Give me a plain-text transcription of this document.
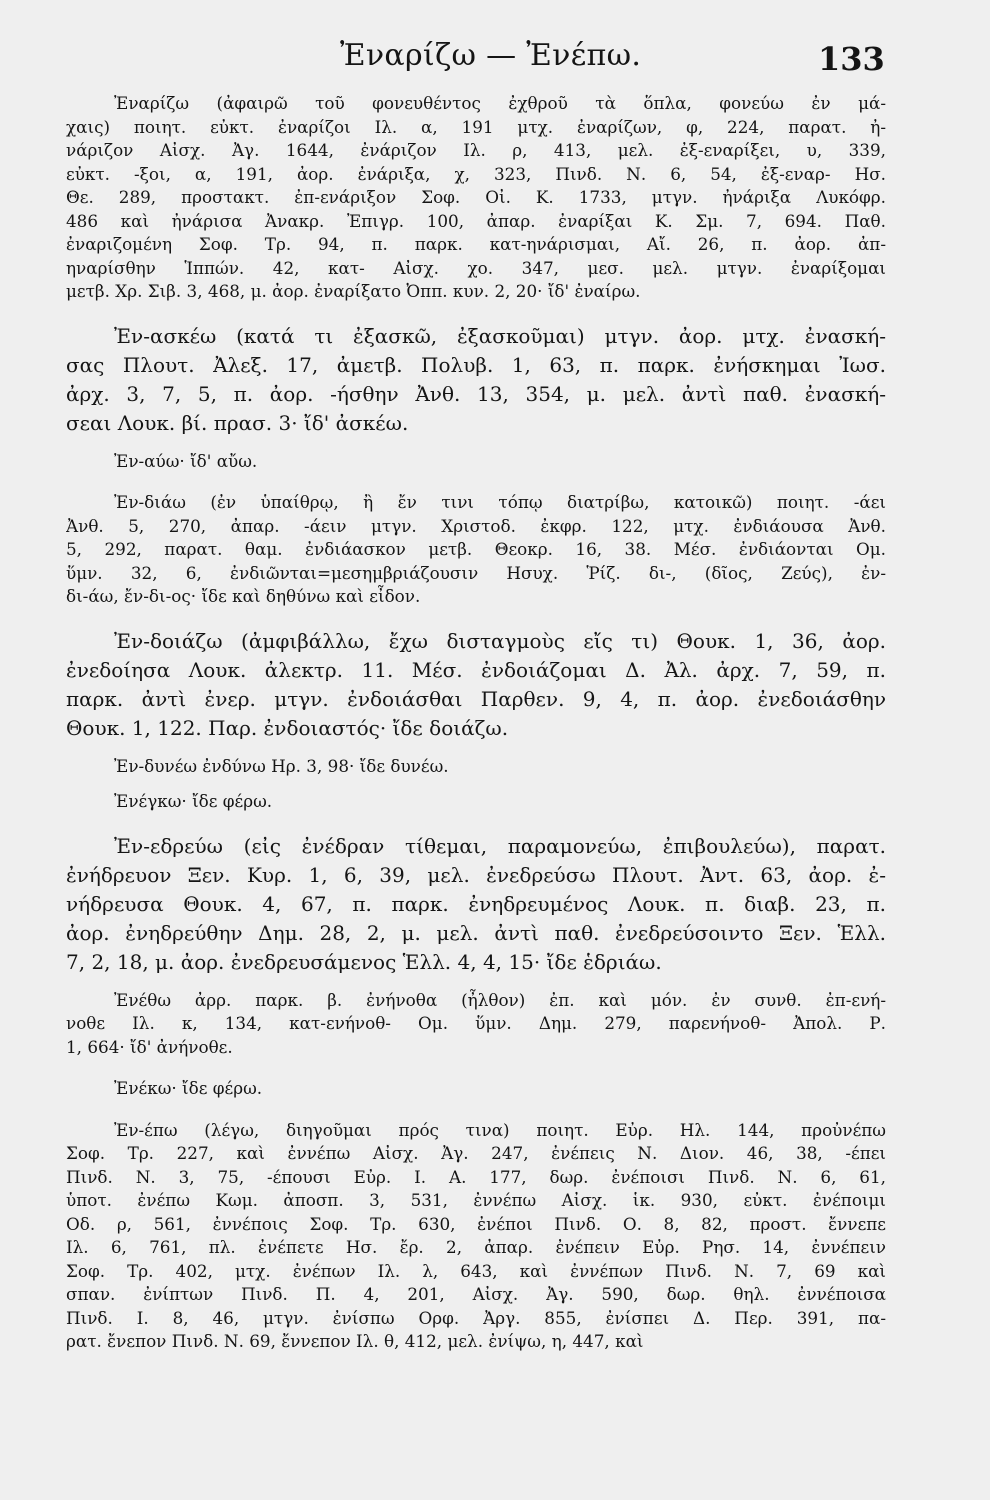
Ἐναρίζω — Ἐνέπω.	133
Ἐναρίζω (ἀφαιρῶ τοῦ φονευθέντος ἐχθροῦ τὰ ὅπλα, φονεύω ἐν μά-
χαις) ποιητ. εὐκτ. ἐναρίζοι Ιλ. α, 191 μτχ. ἐναρίζων, φ, 224, παρατ. ἠ-
νάριζον Αἰσχ. Ἀγ. 1644, ἐνάριζον Ιλ. ρ, 413, μελ. ἐξ-εναρίξει, υ, 339,
εὐκτ. -ξοι, α, 191, ἀορ. ἐνάριξα, χ, 323, Πινδ. Ν. 6, 54, ἐξ-εναρ- Ησ.
Θε. 289, προστακτ. ἐπ-ενάριξον Σοφ. Οἰ. Κ. 1733, μτγν. ἠνάριξα Λυκόφρ.
486 καὶ ἠνάρισα Ἀνακρ. Ἐπιγρ. 100, ἀπαρ. ἐναρίξαι Κ. Σμ. 7, 694. Παθ.
ἐναριζομένη Σοφ. Τρ. 94, π. παρκ. κατ-ηνάρισμαι, Αἴ. 26, π. ἀορ. ἀπ-
ηναρίσθην Ἱππών. 42, κατ- Αἰσχ. χο. 347, μεσ. μελ. μτγν. ἐναρίξομαι
μετβ. Χρ. Σιβ. 3, 468, μ. ἀορ. ἐναρίξατο Ὀππ. κυν. 2, 20· ἴδ' ἐναίρω.
Ἐν-ασκέω (κατά τι ἐξασκῶ, ἐξασκοῦμαι) μτγν. ἀορ. μτχ. ἐνασκή-
σας Πλουτ. Ἀλεξ. 17, ἀμετβ. Πολυβ. 1, 63, π. παρκ. ἐνήσκημαι Ἰωσ.
ἀρχ. 3, 7, 5, π. ἀορ. -ήσθην Ἀνθ. 13, 354, μ. μελ. ἀντὶ παθ. ἐνασκή-
σεαι Λουκ. βί. πρασ. 3· ἴδ' ἀσκέω.
Ἐν-αύω· ἴδ' αὔω.
Ἐν-διάω (ἐν ὑπαίθρῳ, ἢ ἔν τινι τόπῳ διατρίβω, κατοικῶ) ποιητ. -άει
Ἀνθ. 5, 270, ἀπαρ. -άειν μτγν. Χριστοδ. ἐκφρ. 122, μτχ. ἐνδιάουσα Ἀνθ.
5, 292, παρατ. θαμ. ἐνδιάασκον μετβ. Θεοκρ. 16, 38. Μέσ. ἐνδιάονται Ομ.
ὕμν. 32, 6, ἐνδιῶνται=μεσημβριάζουσιν Ησυχ. Ῥίζ. δι-, (δῖος, Ζεύς), ἐν-
δι-άω, ἔν-δι-ος· ἴδε καὶ δηθύνω καὶ εἶδον.
Ἐν-δοιάζω (ἀμφιβάλλω, ἔχω δισταγμοὺς εἴς τι) Θουκ. 1, 36, ἀορ.
ἐνεδοίησα Λουκ. ἀλεκτρ. 11. Μέσ. ἐνδοιάζομαι Δ. Ἀλ. ἀρχ. 7, 59, π.
παρκ. ἀντὶ ἐνερ. μτγν. ἐνδοιάσθαι Παρθεν. 9, 4, π. ἀορ. ἐνεδοιάσθην
Θουκ. 1, 122. Παρ. ἐνδοιαστός· ἴδε δοιάζω.
Ἐν-δυνέω ἐνδύνω Ηρ. 3, 98· ἴδε δυνέω.
Ἐνέγκω· ἴδε φέρω.
Ἐν-εδρεύω (εἰς ἐνέδραν τίθεμαι, παραμονεύω, ἐπιβουλεύω), παρατ.
ἐνήδρευον Ξεν. Κυρ. 1, 6, 39, μελ. ἐνεδρεύσω Πλουτ. Ἀντ. 63, ἀορ. ἐ-
νήδρευσα Θουκ. 4, 67, π. παρκ. ἐνηδρευμένος Λουκ. π. διαβ. 23, π.
ἀορ. ἐνηδρεύθην Δημ. 28, 2, μ. μελ. ἀντὶ παθ. ἐνεδρεύσοιντο Ξεν. Ἑλλ.
7, 2, 18, μ. ἀορ. ἐνεδρευσάμενος Ἑλλ. 4, 4, 15· ἴδε ἑδριάω.
Ἐνέθω ἀρρ. παρκ. β. ἐνήνοθα (ἦλθον) ἐπ. καὶ μόν. ἐν συνθ. ἐπ-ενή-
νοθε Ιλ. κ, 134, κατ-ενήνοθ- Ομ. ὕμν. Δημ. 279, παρενήνοθ- Ἀπολ. Ρ.
1, 664· ἴδ' ἀνήνοθε.
Ἐνέκω· ἴδε φέρω.
Ἐν-έπω (λέγω, διηγοῦμαι πρός τινα) ποιητ. Εὐρ. Ηλ. 144, προὐνέπω
Σοφ. Τρ. 227, καὶ ἐννέπω Αἰσχ. Ἀγ. 247, ἐνέπεις Ν. Διον. 46, 38, -έπει
Πινδ. Ν. 3, 75, -έπουσι Εὐρ. Ι. Α. 177, δωρ. ἐνέποισι Πινδ. Ν. 6, 61,
ὑποτ. ἐνέπω Κωμ. ἀποσπ. 3, 531, ἐννέπω Αἰσχ. ἱκ. 930, εὐκτ. ἐνέποιμι
Οδ. ρ, 561, ἐννέποις Σοφ. Τρ. 630, ἐνέποι Πινδ. Ο. 8, 82, προστ. ἔννεπε
Ιλ. 6, 761, πλ. ἐνέπετε Ησ. ἔρ. 2, ἀπαρ. ἐνέπειν Εὐρ. Ρησ. 14, ἐννέπειν
Σοφ. Τρ. 402, μτχ. ἐνέπων Ιλ. λ, 643, καὶ ἐννέπων Πινδ. Ν. 7, 69 καὶ
σπαν. ἐνίπτων Πινδ. Π. 4, 201, Αἰσχ. Ἀγ. 590, δωρ. θηλ. ἐννέποισα
Πινδ. Ι. 8, 46, μτγν. ἐνίσπω Ορφ. Ἀργ. 855, ἐνίσπει Δ. Περ. 391, πα-
ρατ. ἔνεπον Πινδ. Ν. 69, ἔννεπον Ιλ. θ, 412, μελ. ἐνίψω, η, 447, καὶ
